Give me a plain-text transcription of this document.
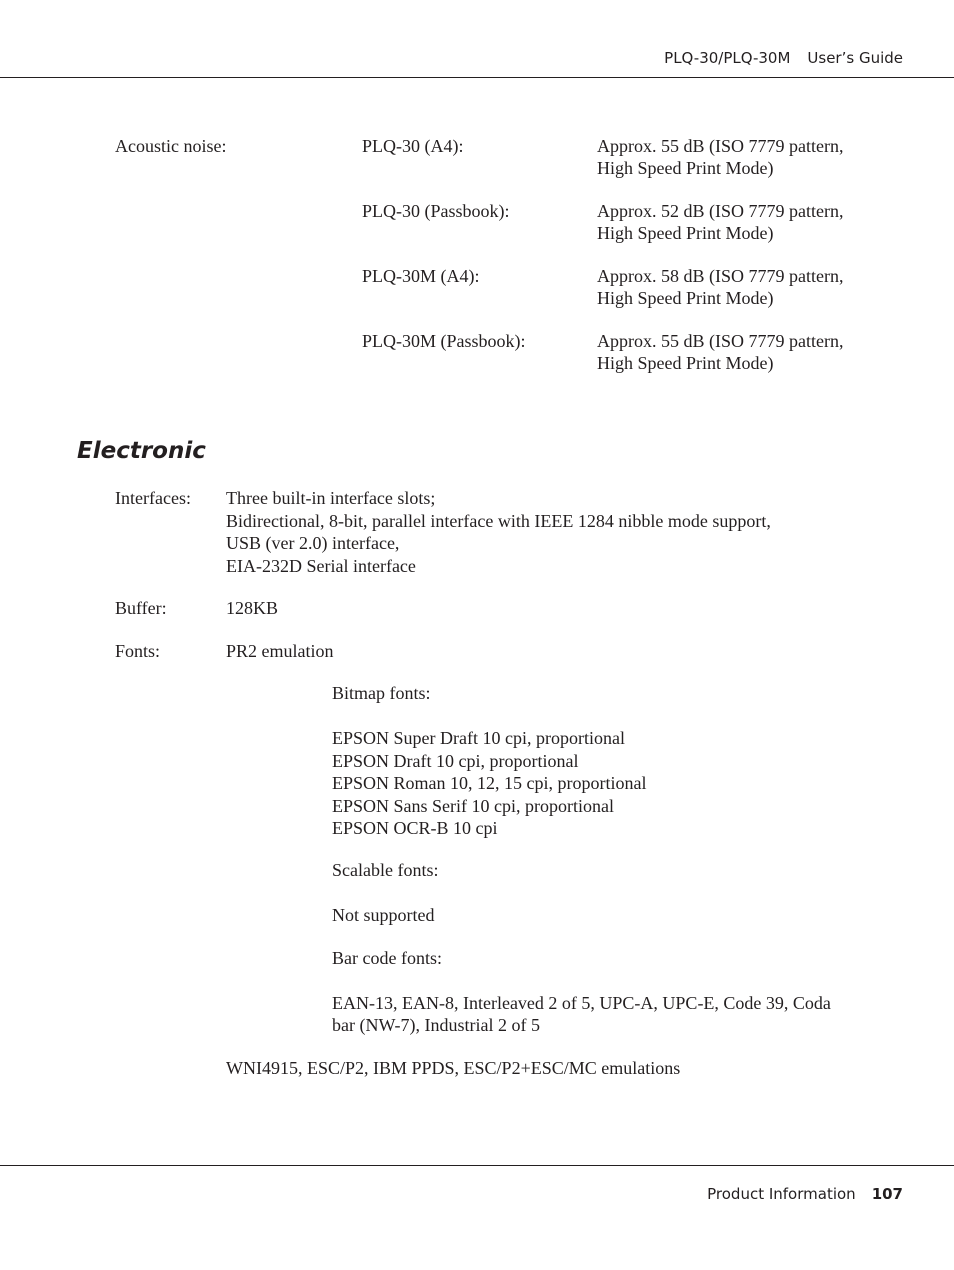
PLQ-30/PLQ-30M User’s Guide
Acoustic noise:	PLQ-30 (A4):	Approx. 55 dB (ISO 7779 pattern,
High Speed Print Mode)
PLQ-30 (Passbook):	Approx. 52 dB (ISO 7779 pattern,
High Speed Print Mode)
PLQ-30M (A4):	Approx. 58 dB (ISO 7779 pattern,
High Speed Print Mode)
PLQ-30M (Passbook):	Approx. 55 dB (ISO 7779 pattern,
High Speed Print Mode)
Electronic
Interfaces: Three built-in interface slots;
Bidirectional, 8-bit, parallel interface with IEEE 1284 nibble mode support,
USB (ver 2.0) interface,
EIA-232D Serial interface
Buffer:	128KB
Fonts:	PR2 emulation
Bitmap fonts:
EPSON Super Draft 10 cpi, proportional
EPSON Draft 10 cpi, proportional
EPSON Roman 10, 12, 15 cpi, proportional
EPSON Sans Serif 10 cpi, proportional
EPSON OCR-B 10 cpi
Scalable fonts:
Not supported
Bar code fonts:
EAN-13, EAN-8, Interleaved 2 of 5, UPC-A, UPC-E, Code 39, Coda
bar (NW-7), Industrial 2 of 5
WNI4915, ESC/P2, IBM PPDS, ESC/P2+ESC/MC emulations
Product Information 107
